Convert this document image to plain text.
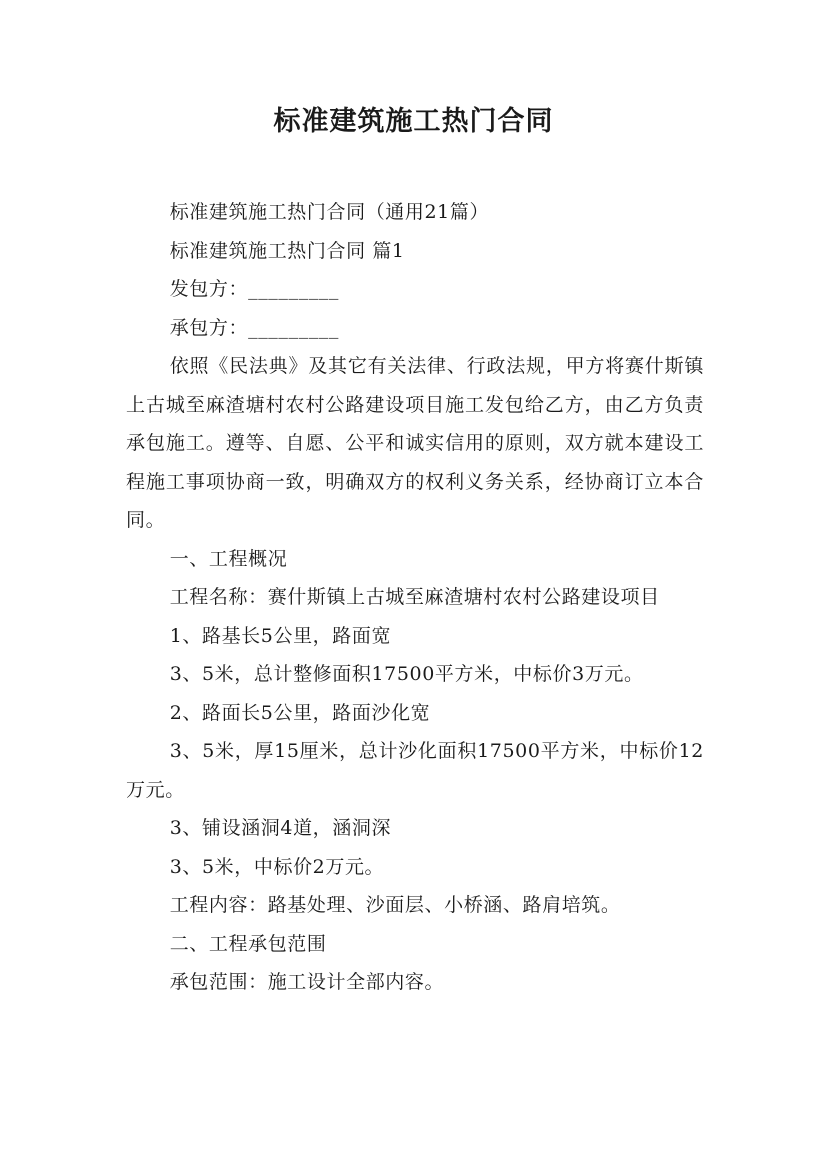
标准建筑施工热门合同

标准建筑施工热门合同（通用21篇）

标准建筑施工热门合同 篇1

发包方：_________

承包方：_________

依照《民法典》及其它有关法律、行政法规，甲方将赛什斯镇上古城至麻渣塘村农村公路建设项目施工发包给乙方，由乙方负责承包施工。遵等、自愿、公平和诚实信用的原则，双方就本建设工程施工事项协商一致，明确双方的权利义务关系，经协商订立本合同。

一、工程概况

工程名称：赛什斯镇上古城至麻渣塘村农村公路建设项目

1、路基长5公里，路面宽

3、5米，总计整修面积17500平方米，中标价3万元。

2、路面长5公里，路面沙化宽

3、5米，厚15厘米，总计沙化面积17500平方米，中标价12万元。

3、铺设涵洞4道，涵洞深

3、5米，中标价2万元。

工程内容：路基处理、沙面层、小桥涵、路肩培筑。

二、工程承包范围

承包范围：施工设计全部内容。
